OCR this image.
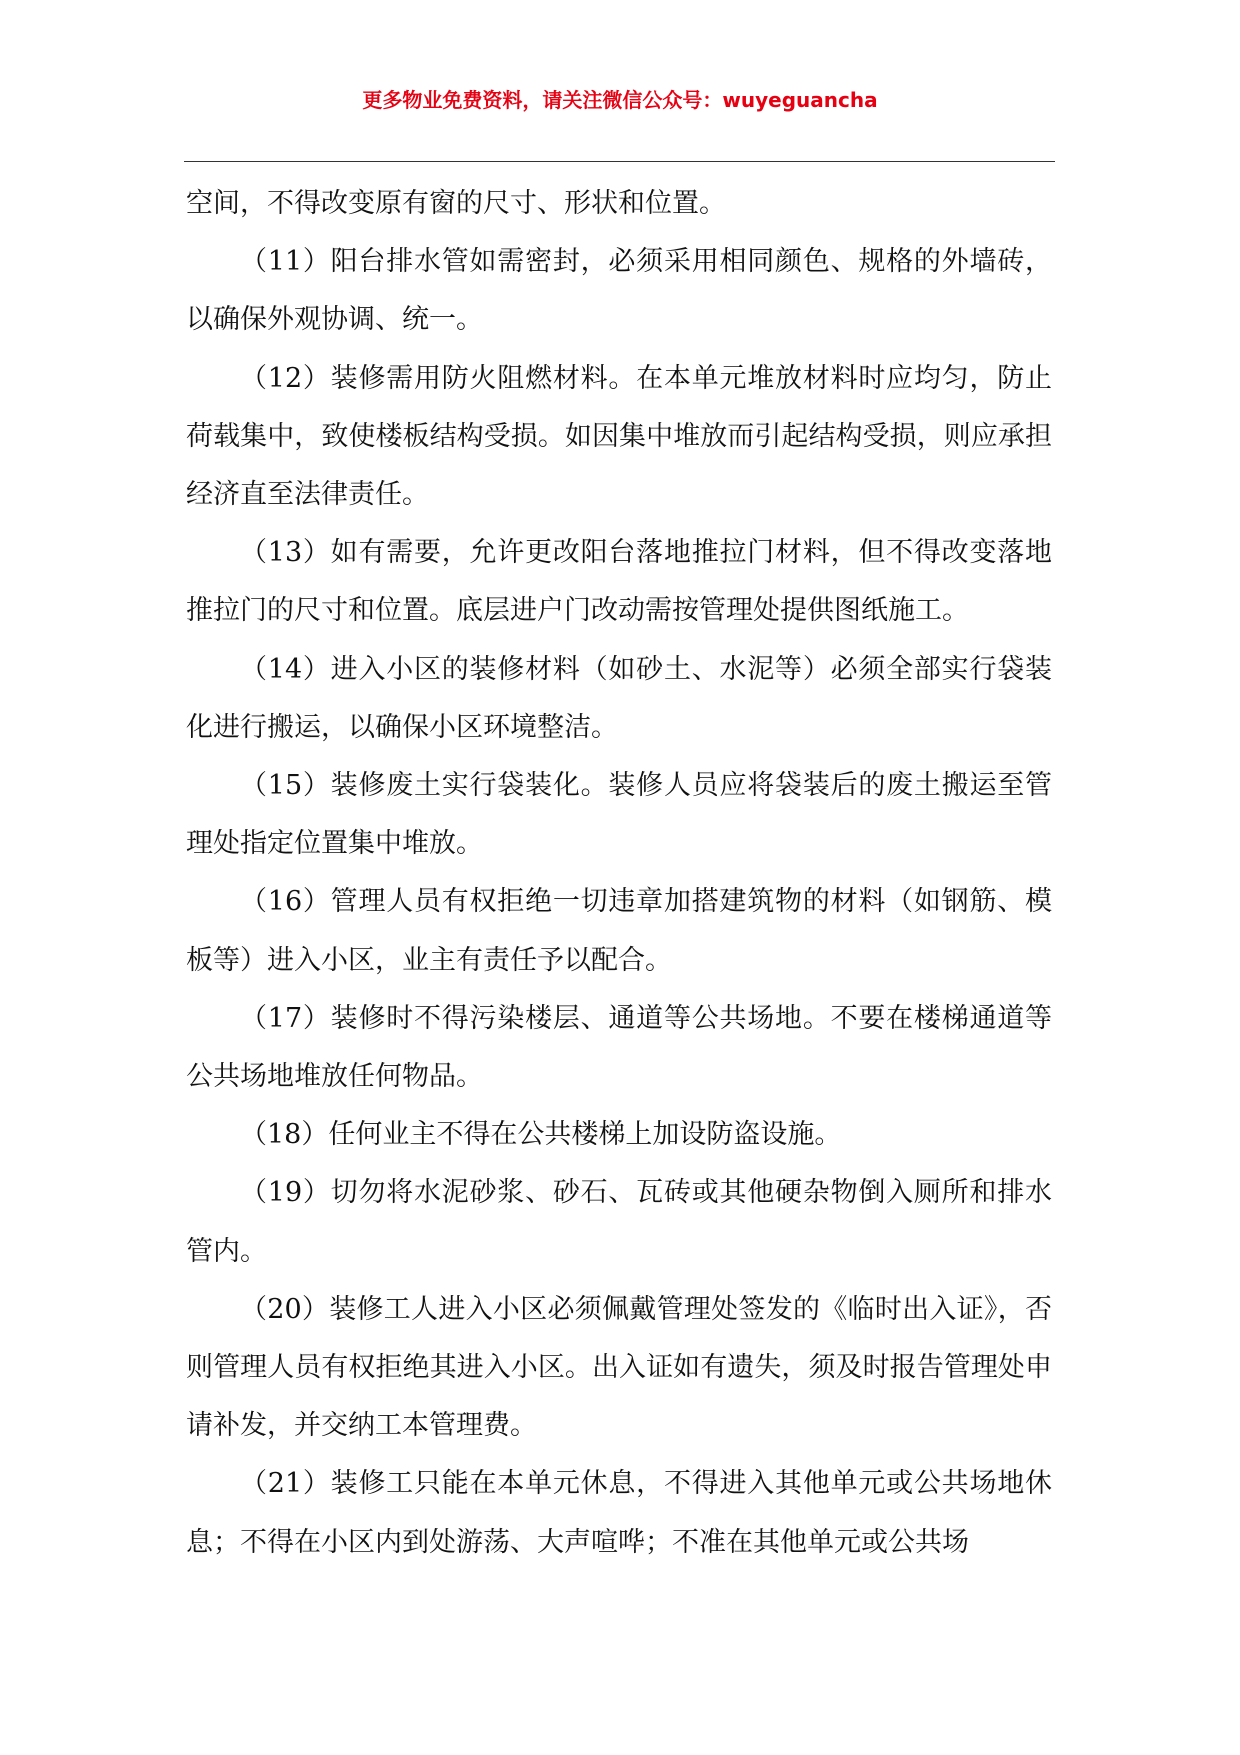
更多物业免费资料，请关注微信公众号：wuyeguancha

空间，不得改变原有窗的尺寸、形状和位置。

（11）阳台排水管如需密封，必须采用相同颜色、规格的外墙砖，以确保外观协调、统一。

（12）装修需用防火阻燃材料。在本单元堆放材料时应均匀，防止荷载集中，致使楼板结构受损。如因集中堆放而引起结构受损，则应承担经济直至法律责任。

（13）如有需要，允许更改阳台落地推拉门材料，但不得改变落地推拉门的尺寸和位置。底层进户门改动需按管理处提供图纸施工。

（14）进入小区的装修材料（如砂土、水泥等）必须全部实行袋装化进行搬运，以确保小区环境整洁。

（15）装修废土实行袋装化。装修人员应将袋装后的废土搬运至管理处指定位置集中堆放。

（16）管理人员有权拒绝一切违章加搭建筑物的材料（如钢筋、模板等）进入小区，业主有责任予以配合。

（17）装修时不得污染楼层、通道等公共场地。不要在楼梯通道等公共场地堆放任何物品。

（18）任何业主不得在公共楼梯上加设防盗设施。

（19）切勿将水泥砂浆、砂石、瓦砖或其他硬杂物倒入厕所和排水管内。

（20）装修工人进入小区必须佩戴管理处签发的《临时出入证》，否则管理人员有权拒绝其进入小区。出入证如有遗失，须及时报告管理处申请补发，并交纳工本管理费。

（21）装修工只能在本单元休息，不得进入其他单元或公共场地休息；不得在小区内到处游荡、大声喧哗；不准在其他单元或公共场
